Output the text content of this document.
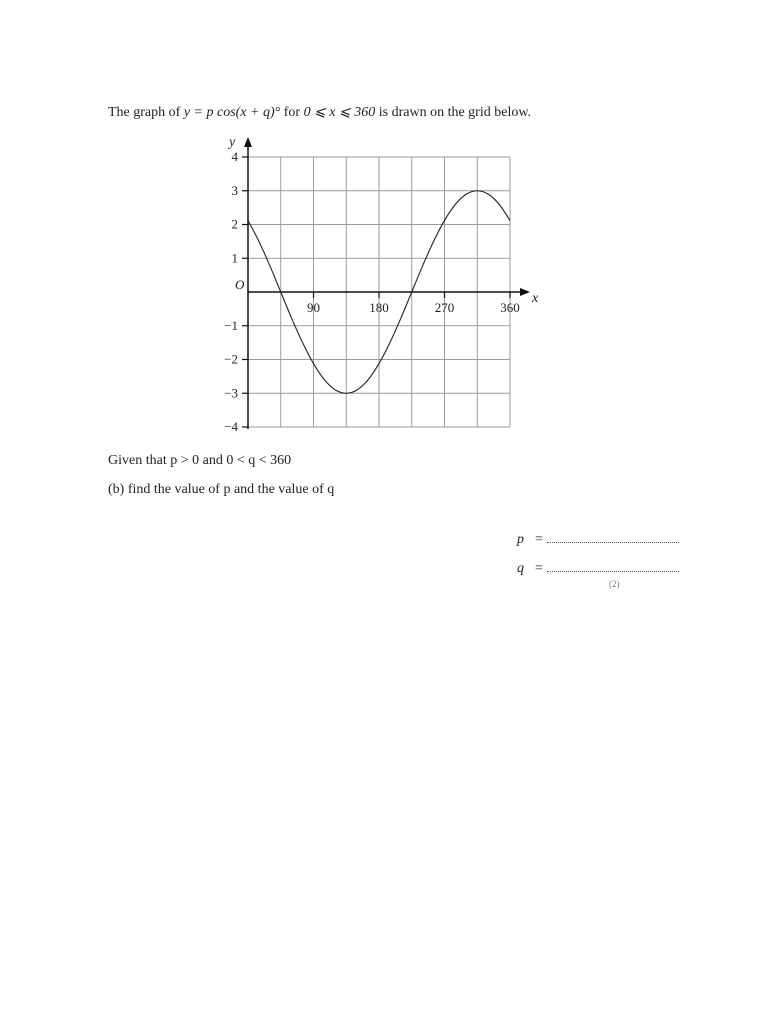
The graph of y = p cos(x + q)° for 0 ⩽ x ⩽ 360 is drawn on the grid below.
4
3
2
1
−1
−2
−3
−4
90	180	270	360
y
x
O
Given that p > 0 and 0 < q < 360
(b) find the value of p and the value of q
p =
q =
(2)
